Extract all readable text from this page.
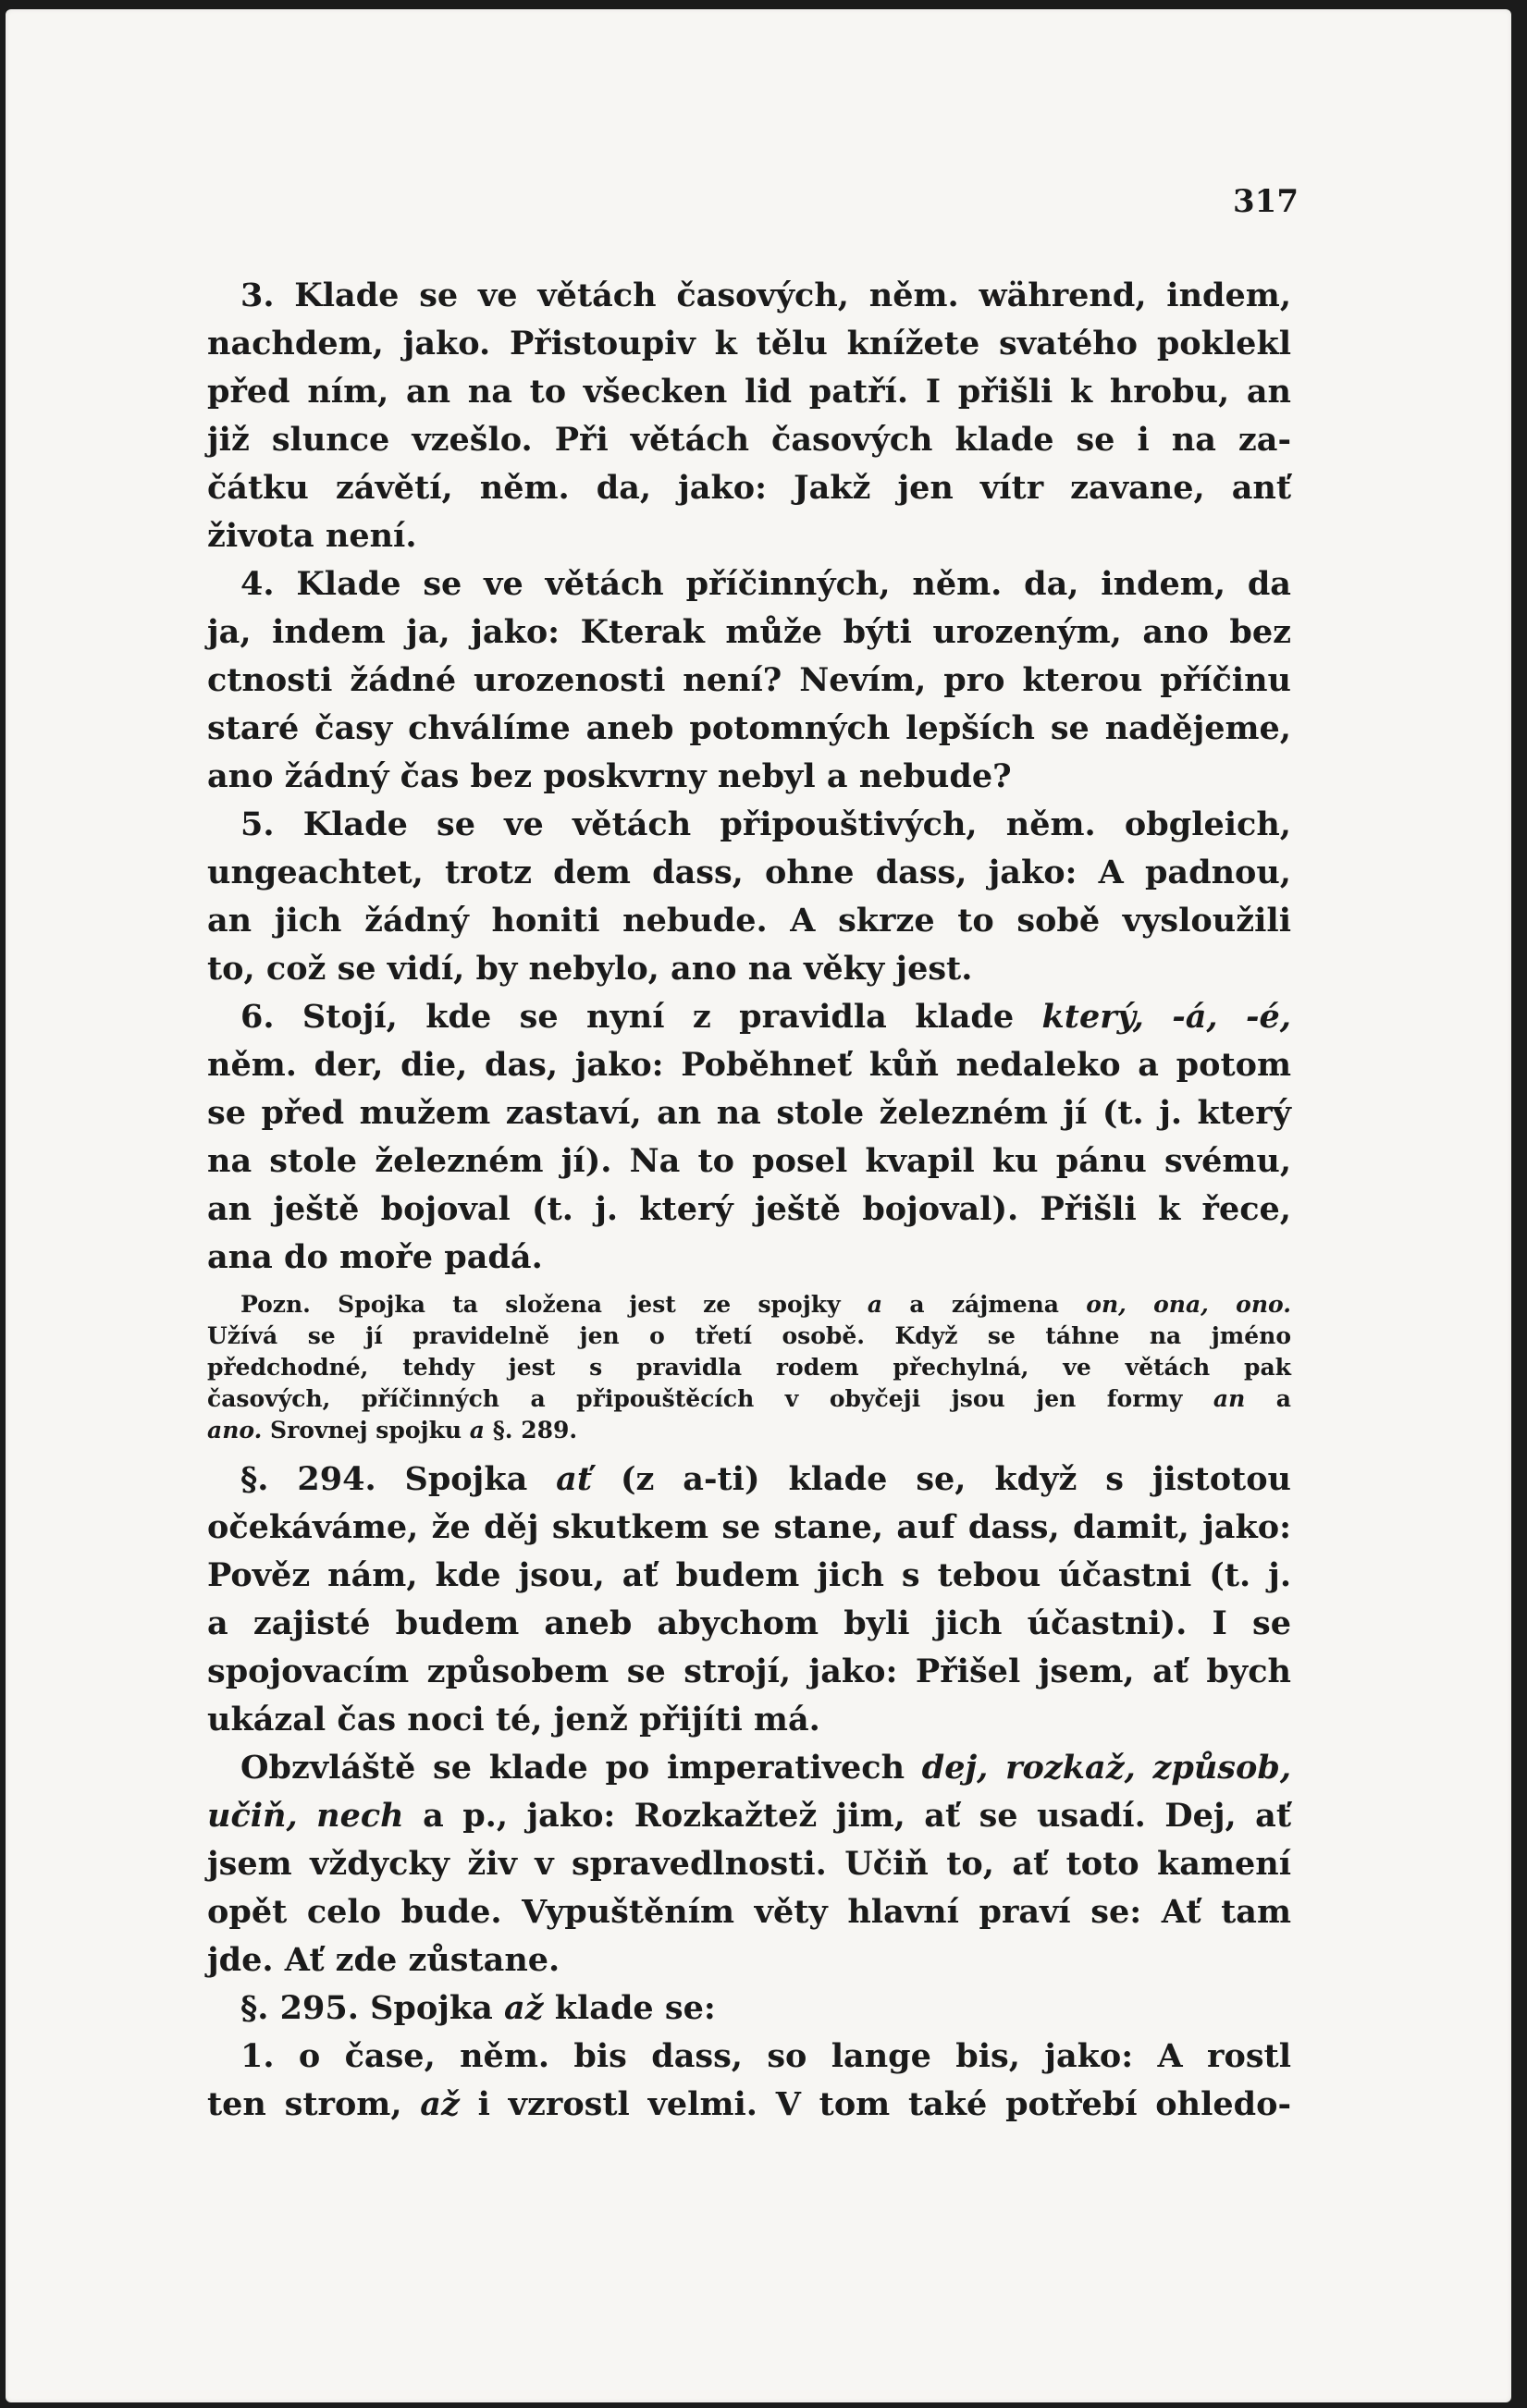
317

3. Klade se ve větách časových, něm. während, indem,
nachdem, jako. Přistoupiv k tělu knížete svatého poklekl
před ním, an na to všecken lid patří. I přišli k hrobu, an
již slunce vzešlo. Při větách časových klade se i na za-
čátku závětí, něm. da, jako: Jakž jen vítr zavane, anť
života není.
4. Klade se ve větách příčinných, něm. da, indem, da
ja, indem ja, jako: Kterak může býti urozeným, ano bez
ctnosti žádné urozenosti není? Nevím, pro kterou příčinu
staré časy chválíme aneb potomných lepších se nadějeme,
ano žádný čas bez poskvrny nebyl a nebude?
5. Klade se ve větách připouštivých, něm. obgleich,
ungeachtet, trotz dem dass, ohne dass, jako: A padnou,
an jich žádný honiti nebude. A skrze to sobě vysloužili
to, což se vidí, by nebylo, ano na věky jest.
6. Stojí, kde se nyní z pravidla klade který, -á, -é,
něm. der, die, das, jako: Poběhneť kůň nedaleko a potom
se před mužem zastaví, an na stole železném jí (t. j. který
na stole železném jí). Na to posel kvapil ku pánu svému,
an ještě bojoval (t. j. který ještě bojoval). Přišli k řece,
ana do moře padá.
Pozn. Spojka ta složena jest ze spojky a a zájmena on, ona, ono.
Užívá se jí pravidelně jen o třetí osobě. Když se táhne na jméno
předchodné, tehdy jest s pravidla rodem přechylná, ve větách pak
časových, příčinných a připouštěcích v obyčeji jsou jen formy an a
ano. Srovnej spojku a §. 289.
§. 294. Spojka ať (z a-ti) klade se, když s jistotou
očekáváme, že děj skutkem se stane, auf dass, damit, jako:
Pověz nám, kde jsou, ať budem jich s tebou účastni (t. j.
a zajisté budem aneb abychom byli jich účastni). I se
spojovacím způsobem se strojí, jako: Přišel jsem, ať bych
ukázal čas noci té, jenž přijíti má.
Obzvláště se klade po imperativech dej, rozkaž, způsob,
učiň, nech a p., jako: Rozkažtež jim, ať se usadí. Dej, ať
jsem vždycky živ v spravedlnosti. Učiň to, ať toto kamení
opět celo bude. Vypuštěním věty hlavní praví se: Ať tam
jde. Ať zde zůstane.
§. 295. Spojka až klade se:
1. o čase, něm. bis dass, so lange bis, jako: A rostl
ten strom, až i vzrostl velmi. V tom také potřebí ohledo-
